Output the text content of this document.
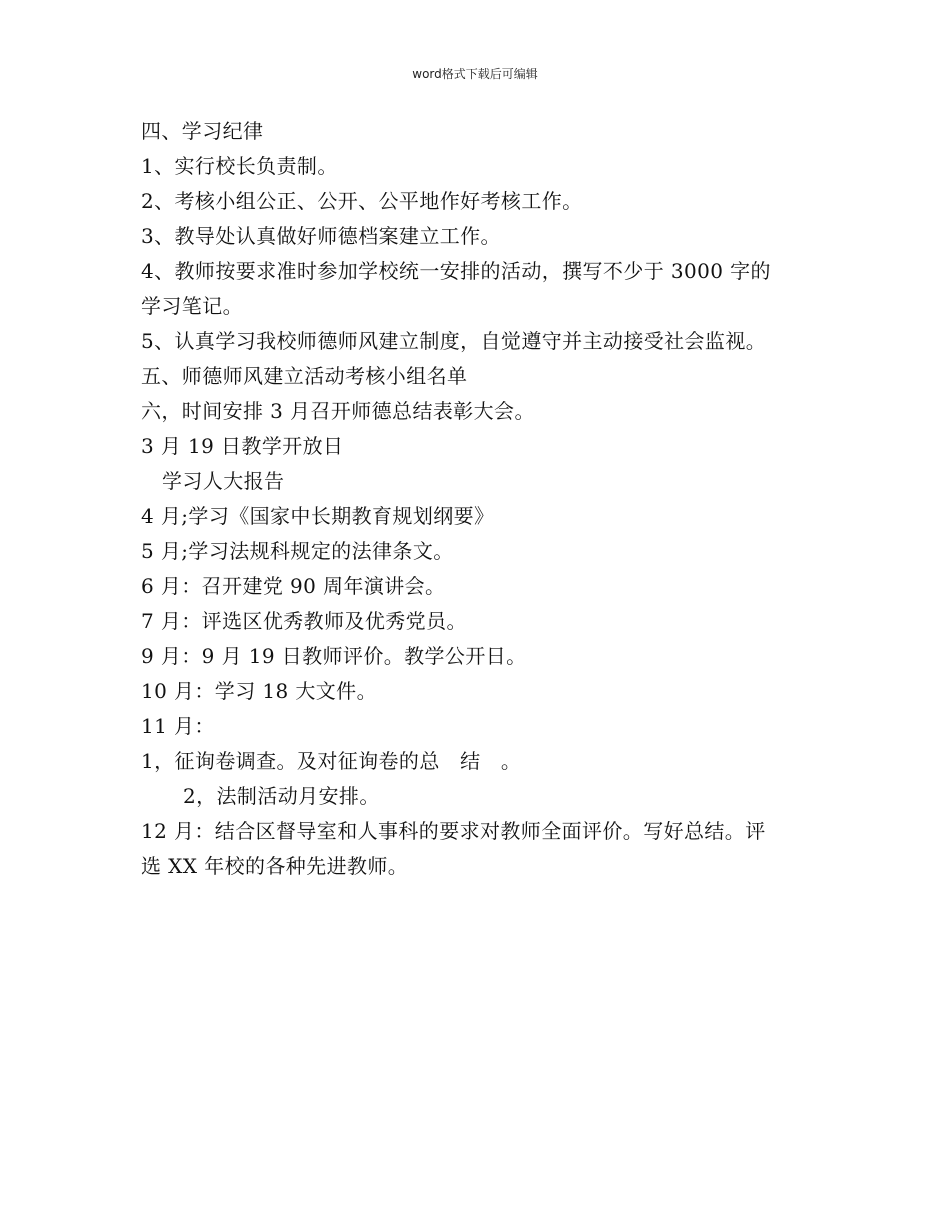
word格式下载后可编辑
四、学习纪律
1、实行校长负责制。
2、考核小组公正、公开、公平地作好考核工作。
3、教导处认真做好师德档案建立工作。
4、教师按要求准时参加学校统一安排的活动，撰写不少于 3000 字的
学习笔记。
5、认真学习我校师德师风建立制度，自觉遵守并主动接受社会监视。
五、师德师风建立活动考核小组名单
六，时间安排 3 月召开师德总结表彰大会。
3 月 19 日教学开放日
学习人大报告
4 月;学习《国家中长期教育规划纲要》
5 月;学习法规科规定的法律条文。
6 月：召开建党 90 周年演讲会。
7 月：评选区优秀教师及优秀党员。
9 月：9 月 19 日教师评价。教学公开日。
10 月：学习 18 大文件。
11 月：
1，征询卷调查。及对征询卷的总　结　。
2，法制活动月安排。
12 月：结合区督导室和人事科的要求对教师全面评价。写好总结。评
选 XX 年校的各种先进教师。
